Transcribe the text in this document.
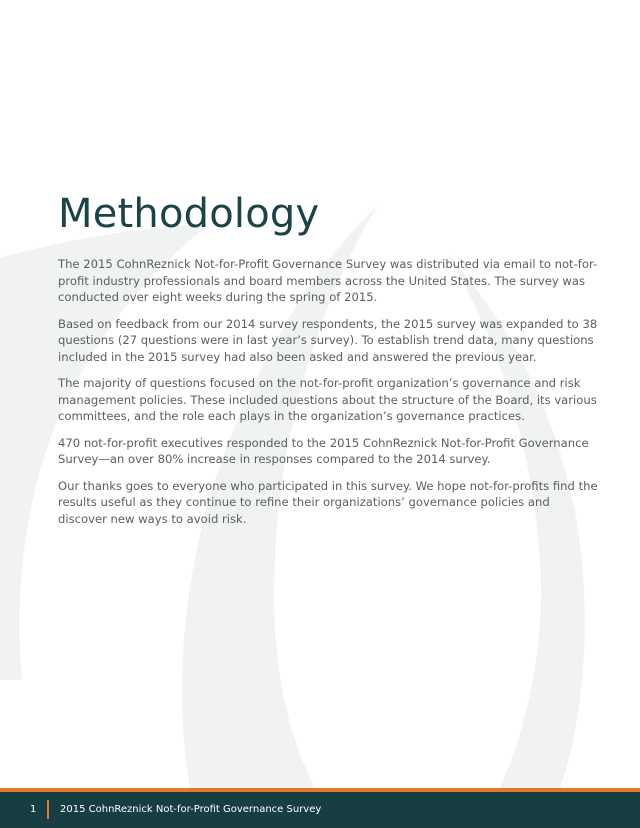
Methodology

The 2015 CohnReznick Not-for-Profit Governance Survey was distributed via email to not-for-profit industry professionals and board members across the United States. The survey was conducted over eight weeks during the spring of 2015.

Based on feedback from our 2014 survey respondents, the 2015 survey was expanded to 38 questions (27 questions were in last year’s survey). To establish trend data, many questions included in the 2015 survey had also been asked and answered the previous year.

The majority of questions focused on the not-for-profit organization’s governance and risk management policies. These included questions about the structure of the Board, its various committees, and the role each plays in the organization’s governance practices.

470 not-for-profit executives responded to the 2015 CohnReznick Not-for-Profit Governance Survey—an over 80% increase in responses compared to the 2014 survey.

Our thanks goes to everyone who participated in this survey. We hope not-for-profits find the results useful as they continue to refine their organizations’ governance policies and discover new ways to avoid risk.

1 2015 CohnReznick Not-for-Profit Governance Survey
